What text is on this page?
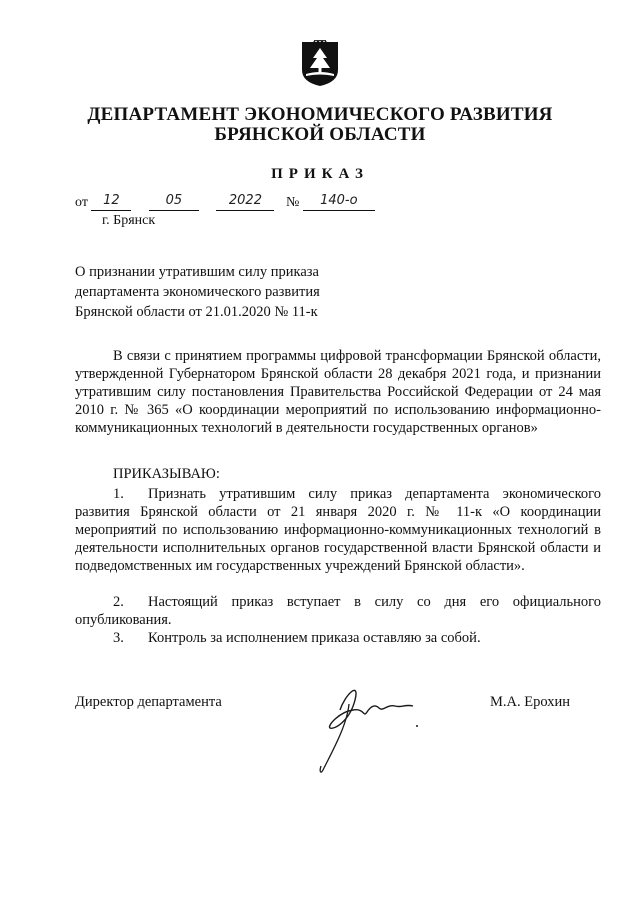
ДЕПАРТАМЕНТ ЭКОНОМИЧЕСКОГО РАЗВИТИЯ
БРЯНСКОЙ ОБЛАСТИ
ПРИКАЗ
от 12	05	2022 № 140-о
г. Брянск
О признании утратившим силу приказа
департамента экономического развития
Брянской области от 21.01.2020 № 11-к
В связи с принятием программы цифровой трансформации Брянской области, утвержденной Губернатором Брянской области 28 декабря 2021 года, и признании утратившим силу постановления Правительства Российской Федерации от 24 мая 2010 г. № 365 «О координации мероприятий по использованию информационно-коммуникационных технологий в деятельности государственных органов»
ПРИКАЗЫВАЮ:
1. Признать утратившим силу приказ департамента экономического развития Брянской области от 21 января 2020 г. № 11-к «О координации мероприятий по использованию информационно-коммуникационных технологий в деятельности исполнительных органов государственной власти Брянской области и подведомственных им государственных учреждений Брянской области».
2. Настоящий приказ вступает в силу со дня его официального опубликования.
3. Контроль за исполнением приказа оставляю за собой.
Директор департамента	М.А. Ерохин
